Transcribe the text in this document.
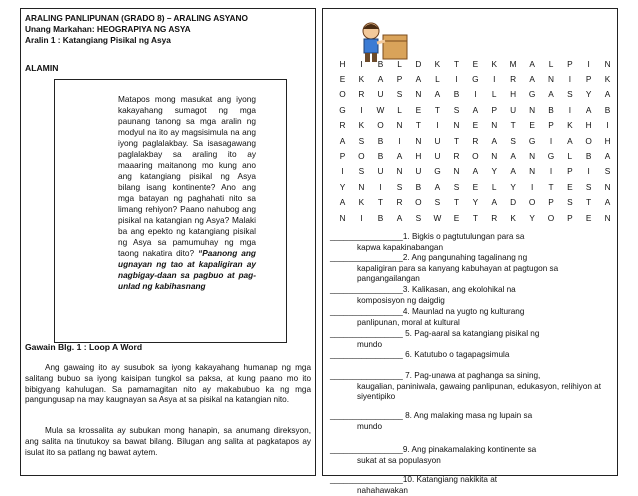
ARALING PANLIPUNAN (GRADO 8) – ARALING ASYANO
Unang Markahan: HEOGRAPIYA NG ASYA
Aralin 1 : Katangiang Pisikal ng Asya
ALAMIN
Gawain Blg. 1 : Loop A Word
Ang gawaing ito ay susubok sa iyong kakayahang humanap ng mga salitang bubuo sa iyong kaisipan tungkol sa paksa, at kung paano mo ito bibigyang kahulugan. Sa pamamagitan nito ay makabubuo ka ng mga pangungusap na may kaugnayan sa Asya at sa pisikal na katangian nito.
Mula sa krossalita ay subukan mong hanapin, sa anumang direksyon, ang salita na tinutukoy sa bawat bilang. Bilugan ang salita at pagkatapos ay isulat ito sa patlang ng bawat aytem.
Matapos mong masukat ang iyong kakayahang sumagot ng mga paunang tanong sa mga aralin ng modyul na ito ay magsisimula na ang iyong paglalakbay. Sa isasagawang paglalakbay sa araling ito ay maaaring maitanong mo kung ano ang katangiang pisikal ng Asya bilang isang kontinente? Ano ang mga batayan ng paghahati nito sa limang rehiyon? Paano nahubog ang pisikal na katangian ng Asya? Malaki ba ang epekto ng katangiang pisikal ng Asya sa pamumuhay ng mga taong nakatira dito? “Paanong ang ugnayan ng tao at kapaligiran ay nagbigay-daan sa pagbuo at pag-unlad ng kabihasnang
H	I	B	L	D	K	T	E	K	M	A	L	P	I	N
E	K	A	P	A	L	I	G	I	R	A	N	I	P	K
O	R	U	S	N	A	B	I	L	H	G	A	S	Y	A
G	I	W	L	E	T	S	A	P	U	N	B	I	A	B
R	K	O	N	T	I	N	E	N	T	E	P	K	H	I
A	S	B	I	N	U	T	R	A	S	G	I	A	O	H
P	O	B	A	H	U	R	O	N	A	N	G	L	B	A
I	S	U	N	U	G	N	A	Y	A	N	I	P	I	S
Y	N	I	S	B	A	S	E	L	Y	I	T	E	S	N
A	K	T	R	O	S	T	Y	A	D	O	P	S	T	A
N	I	B	A	S	W	E	T	R	K	Y	O	P	E	N
________________1. Bigkis o pagtutulungan para sa
kapwa kapakinabangan
________________2. Ang pangunahing tagalinang ng
kapaligiran para sa kanyang kabuhayan at pagtugon sa pangangailangan
________________3. Kalikasan, ang ekolohikal na
komposisyon ng daigdig
________________4. Maunlad na yugto ng kulturang
panlipunan, moral at kultural
________________ 5. Pag-aaral sa katangiang pisikal ng
mundo
________________ 6. Katutubo o tagapagsimula
________________ 7. Pag-unawa at paghanga sa sining,
kaugalian, paniniwala, gawaing panlipunan, edukasyon, relihiyon at siyentipiko
________________ 8. Ang malaking masa ng lupain sa
mundo
________________9. Ang pinakamalaking kontinente sa
sukat at sa populasyon
________________10. Katangiang nakikita at
nahahawakan
